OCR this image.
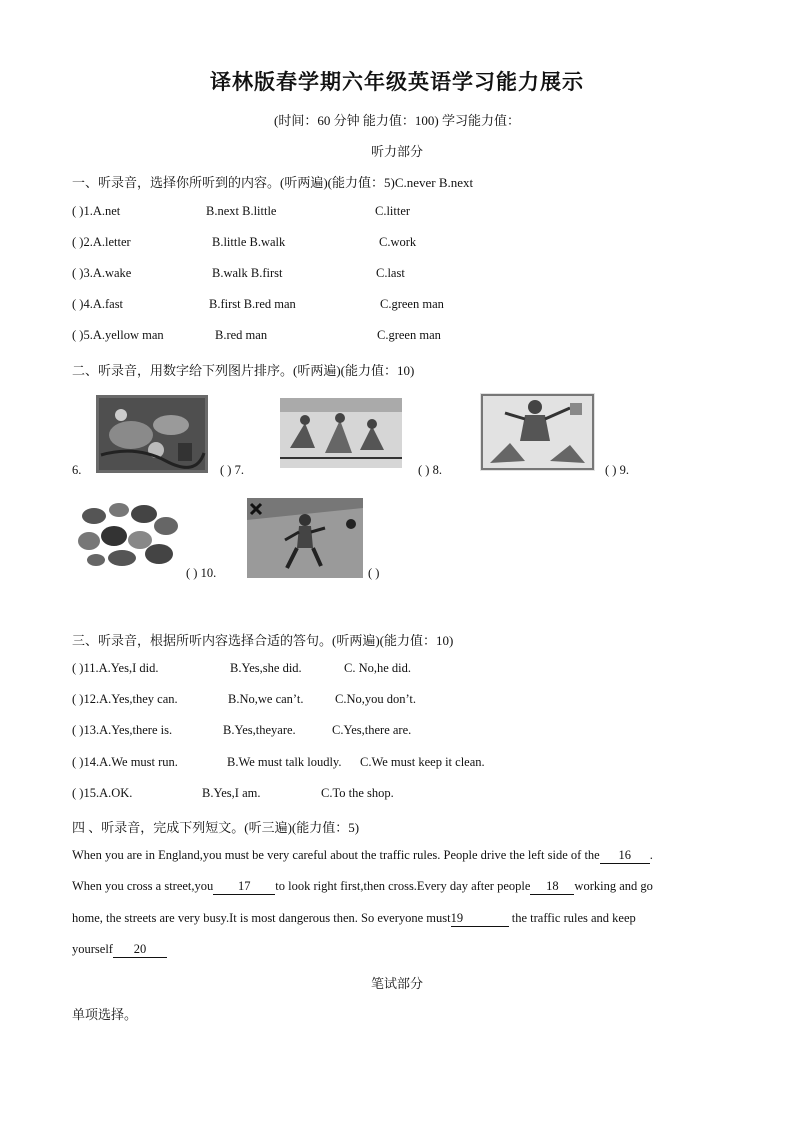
译林版春学期六年级英语学习能力展示
(时间：60 分钟 能力值：100) 学习能力值：
听力部分
一、听录音，选择你所听到的内容。(听两遍)(能力值：5)C.never B.next
( )1.A.net	B.next B.little	C.litter
( )2.A.letter	B.little B.walk	C.work
( )3.A.wake	B.walk B.first	C.last
( )4.A.fast	B.first B.red man	C.green man
( )5.A.yellow man	B.red man	C.green man
二、听录音，用数字给下列图片排序。(听两遍)(能力值：10)
6.	( ) 7.	( ) 8.	( ) 9.
( ) 10.	( )
三、听录音，根据所听内容选择合适的答句。(听两遍)(能力值：10)
( )11.A.Yes,I did.	B.Yes,she did.	C. No,he did.
( )12.A.Yes,they can.	B.No,we can’t.	C.No,you don’t.
( )13.A.Yes,there is.	B.Yes,theyare.	C.Yes,there are.
( )14.A.We must run.	B.We must talk loudly. C.We must keep it clean.
( )15.A.OK.	B.Yes,I am.	C.To the shop.
四 、听录音，完成下列短文。(听三遍)(能力值：5)
When you are in England,you must be very careful about the traffic rules. People drive the left side of the 16 .
When you cross a street,you 17 to look right first,then cross.Every day after people 18 working and go
home, the streets are very busy.It is most dangerous then. So everyone must19	the traffic rules and keep
yourself 20
笔试部分
单项选择。
